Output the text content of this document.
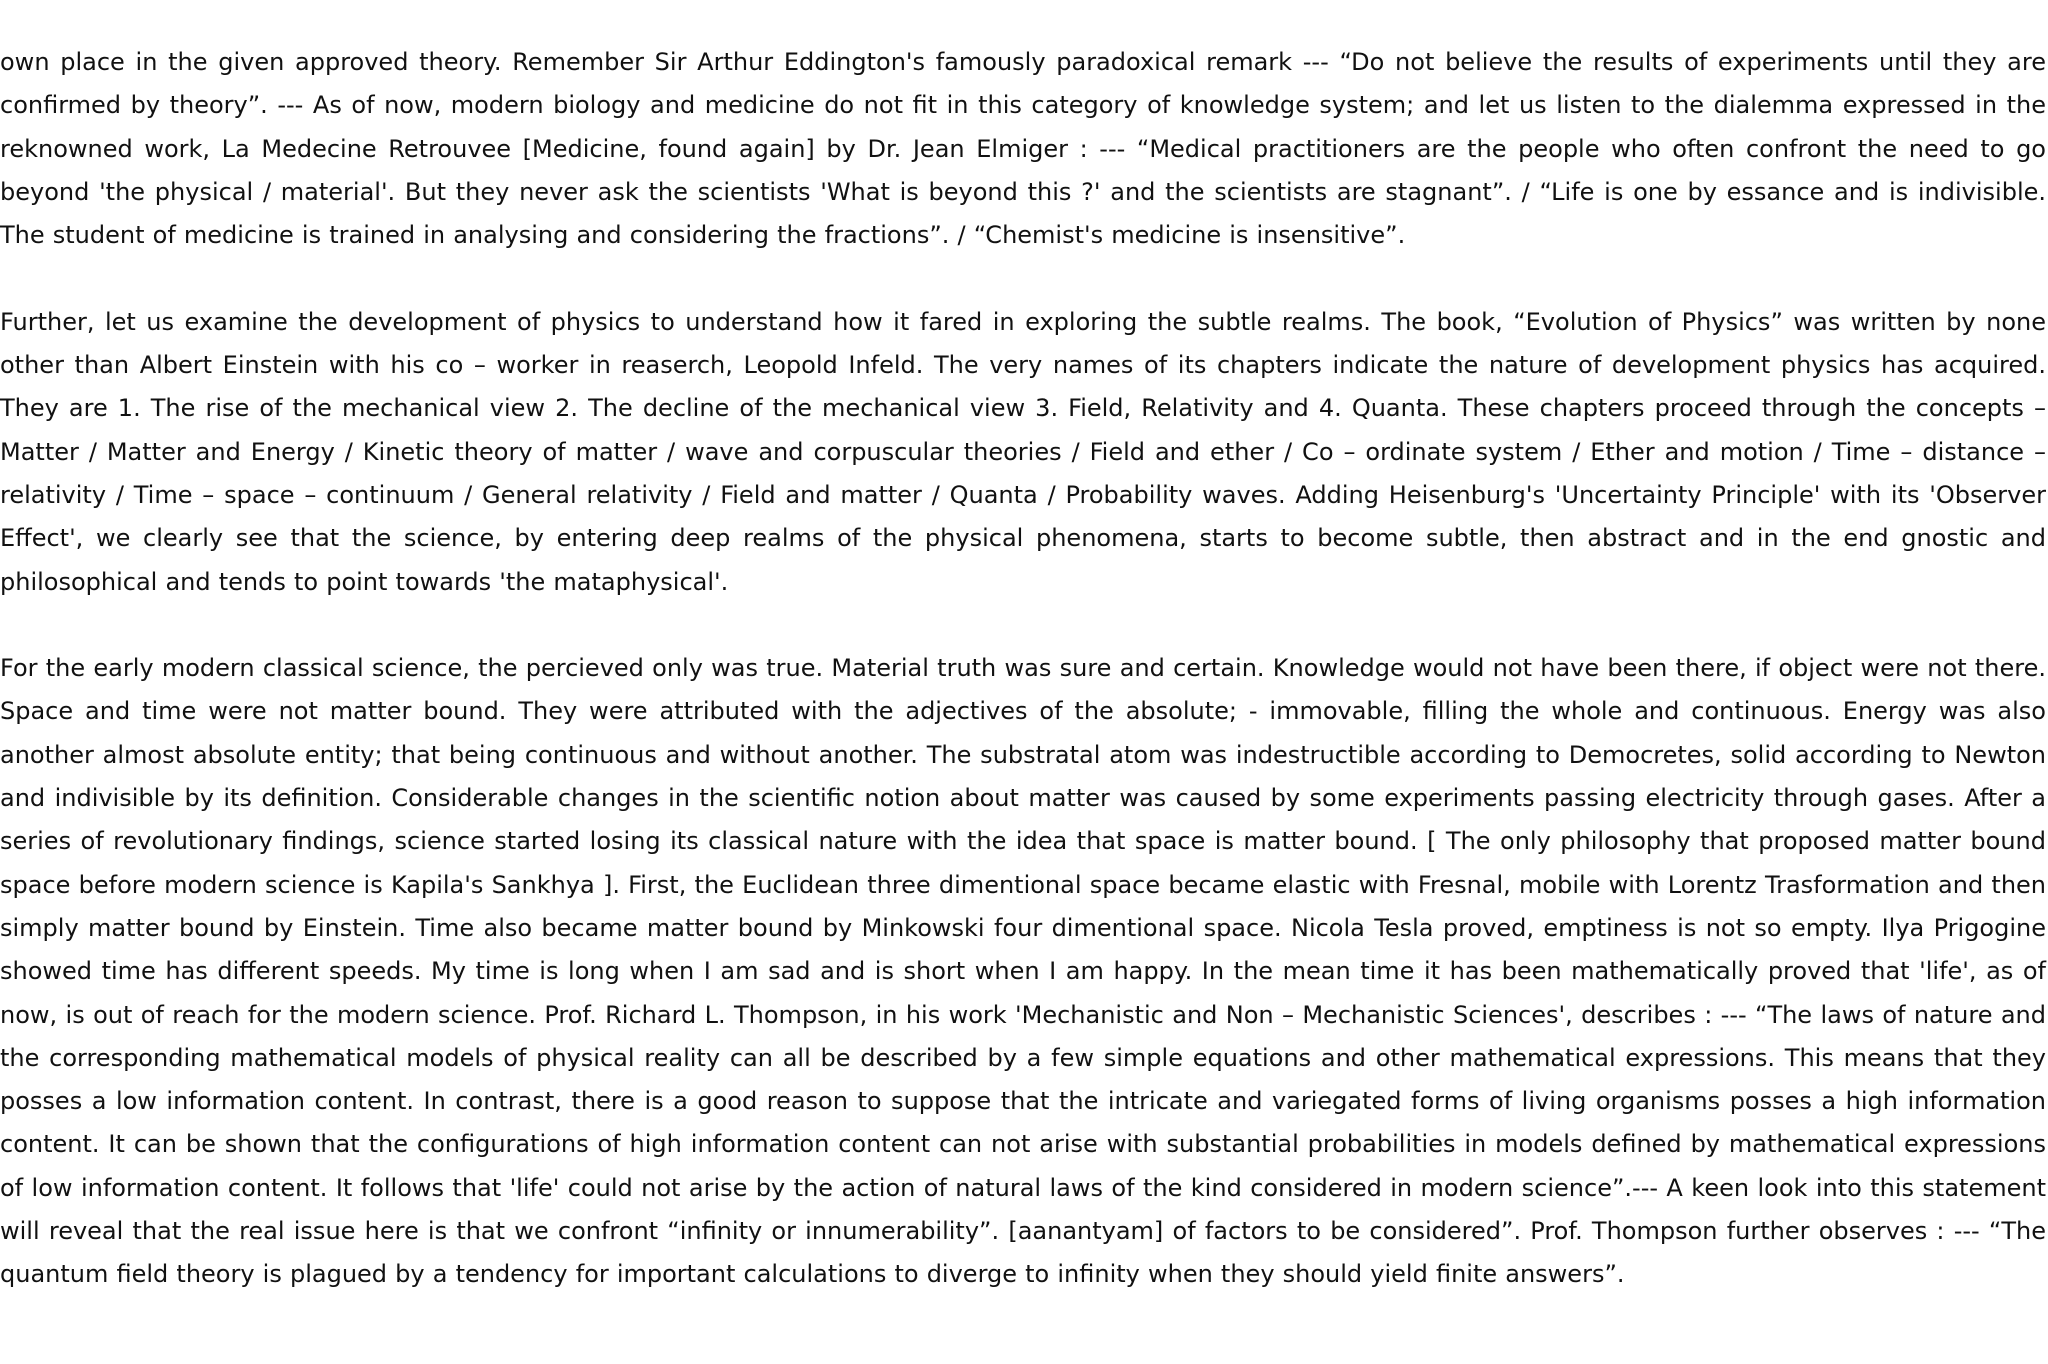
own place in the given approved theory. Remember Sir Arthur Eddington's famously paradoxical remark --- “Do not believe the results of experiments until they are confirmed by theory”. --- As of now, modern biology and medicine do not fit in this category of knowledge system; and let us listen to the dialemma expressed in the reknowned work, La Medecine Retrouvee [Medicine, found again] by Dr. Jean Elmiger : --- “Medical practitioners are the people who often confront the need to go beyond 'the physical / material'. But they never ask the scientists 'What is beyond this ?' and the scientists are stagnant”. / “Life is one by essance and is indivisible. The student of medicine is trained in analysing and considering the fractions”. / “Chemist's medicine is insensitive”.

Further, let us examine the development of physics to understand how it fared in exploring the subtle realms. The book, “Evolution of Physics” was written by none other than Albert Einstein with his co – worker in reaserch, Leopold Infeld. The very names of its chapters indicate the nature of development physics has acquired. They are 1. The rise of the mechanical view 2. The decline of the mechanical view 3. Field, Relativity and 4. Quanta. These chapters proceed through the concepts – Matter / Matter and Energy / Kinetic theory of matter / wave and corpuscular theories / Field and ether / Co – ordinate system / Ether and motion / Time – distance – relativity / Time – space – continuum / General relativity / Field and matter / Quanta / Probability waves. Adding Heisenburg's 'Uncertainty Principle' with its 'Observer Effect', we clearly see that the science, by entering deep realms of the physical phenomena, starts to become subtle, then abstract and in the end gnostic and philosophical and tends to point towards 'the mataphysical'.

For the early modern classical science, the percieved only was true. Material truth was sure and certain. Knowledge would not have been there, if object were not there. Space and time were not matter bound. They were attributed with the adjectives of the absolute; - immovable, filling the whole and continuous. Energy was also another almost absolute entity; that being continuous and without another. The substratal atom was indestructible according to Democretes, solid according to Newton and indivisible by its definition. Considerable changes in the scientific notion about matter was caused by some experiments passing electricity through gases. After a series of revolutionary findings, science started losing its classical nature with the idea that space is matter bound. [ The only philosophy that proposed matter bound space before modern science is Kapila's Sankhya ]. First, the Euclidean three dimentional space became elastic with Fresnal, mobile with Lorentz Trasformation and then simply matter bound by Einstein. Time also became matter bound by Minkowski four dimentional space. Nicola Tesla proved, emptiness is not so empty. Ilya Prigogine showed time has different speeds. My time is long when I am sad and is short when I am happy. In the mean time it has been mathematically proved that 'life', as of now, is out of reach for the modern science. Prof. Richard L. Thompson, in his work 'Mechanistic and Non – Mechanistic Sciences', describes : --- “The laws of nature and the corresponding mathematical models of physical reality can all be described by a few simple equations and other mathematical expressions. This means that they posses a low information content. In contrast, there is a good reason to suppose that the intricate and variegated forms of living organisms posses a high information content. It can be shown that the configurations of high information content can not arise with substantial probabilities in models defined by mathematical expressions of low information content. It follows that 'life' could not arise by the action of natural laws of the kind considered in modern science”.--- A keen look into this statement will reveal that the real issue here is that we confront “infinity or innumerability”. [aanantyam] of factors to be considered”. Prof. Thompson further observes : --- “The quantum field theory is plagued by a tendency for important calculations to diverge to infinity when they should yield finite answers”.
